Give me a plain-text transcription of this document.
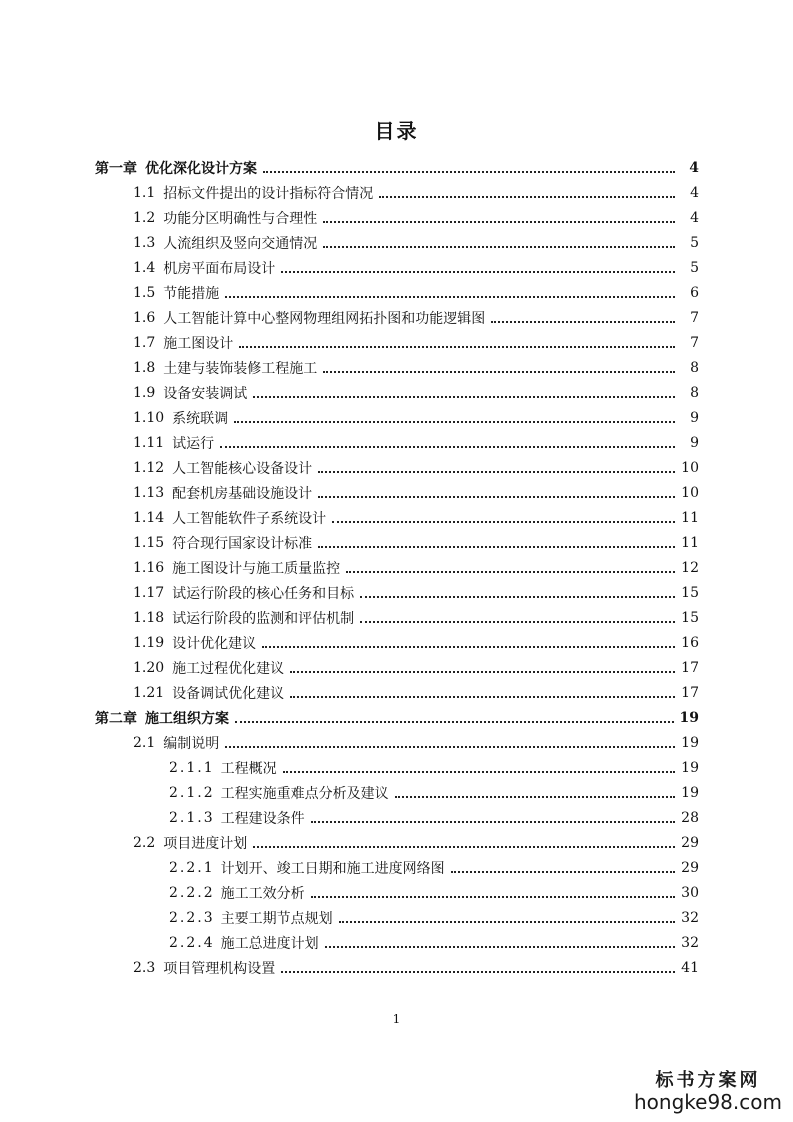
目录
第一章 优化深化设计方案	4
1.1 招标文件提出的设计指标符合情况	4
1.2 功能分区明确性与合理性	4
1.3 人流组织及竖向交通情况	5
1.4 机房平面布局设计	5
1.5 节能措施	6
1.6 人工智能计算中心整网物理组网拓扑图和功能逻辑图	7
1.7 施工图设计	7
1.8 土建与装饰装修工程施工	8
1.9 设备安装调试	8
1.10 系统联调	9
1.11 试运行	9
1.12 人工智能核心设备设计	10
1.13 配套机房基础设施设计	10
1.14 人工智能软件子系统设计	11
1.15 符合现行国家设计标准	11
1.16 施工图设计与施工质量监控	12
1.17 试运行阶段的核心任务和目标	15
1.18 试运行阶段的监测和评估机制	15
1.19 设计优化建议	16
1.20 施工过程优化建议	17
1.21 设备调试优化建议	17
第二章 施工组织方案	19
2.1 编制说明	19
2.1.1 工程概况	19
2.1.2 工程实施重难点分析及建议	19
2.1.3 工程建设条件	28
2.2 项目进度计划	29
2.2.1 计划开、竣工日期和施工进度网络图	29
2.2.2 施工工效分析	30
2.2.3 主要工期节点规划	32
2.2.4 施工总进度计划	32
2.3 项目管理机构设置	41
1
标书方案网
hongke98.com
